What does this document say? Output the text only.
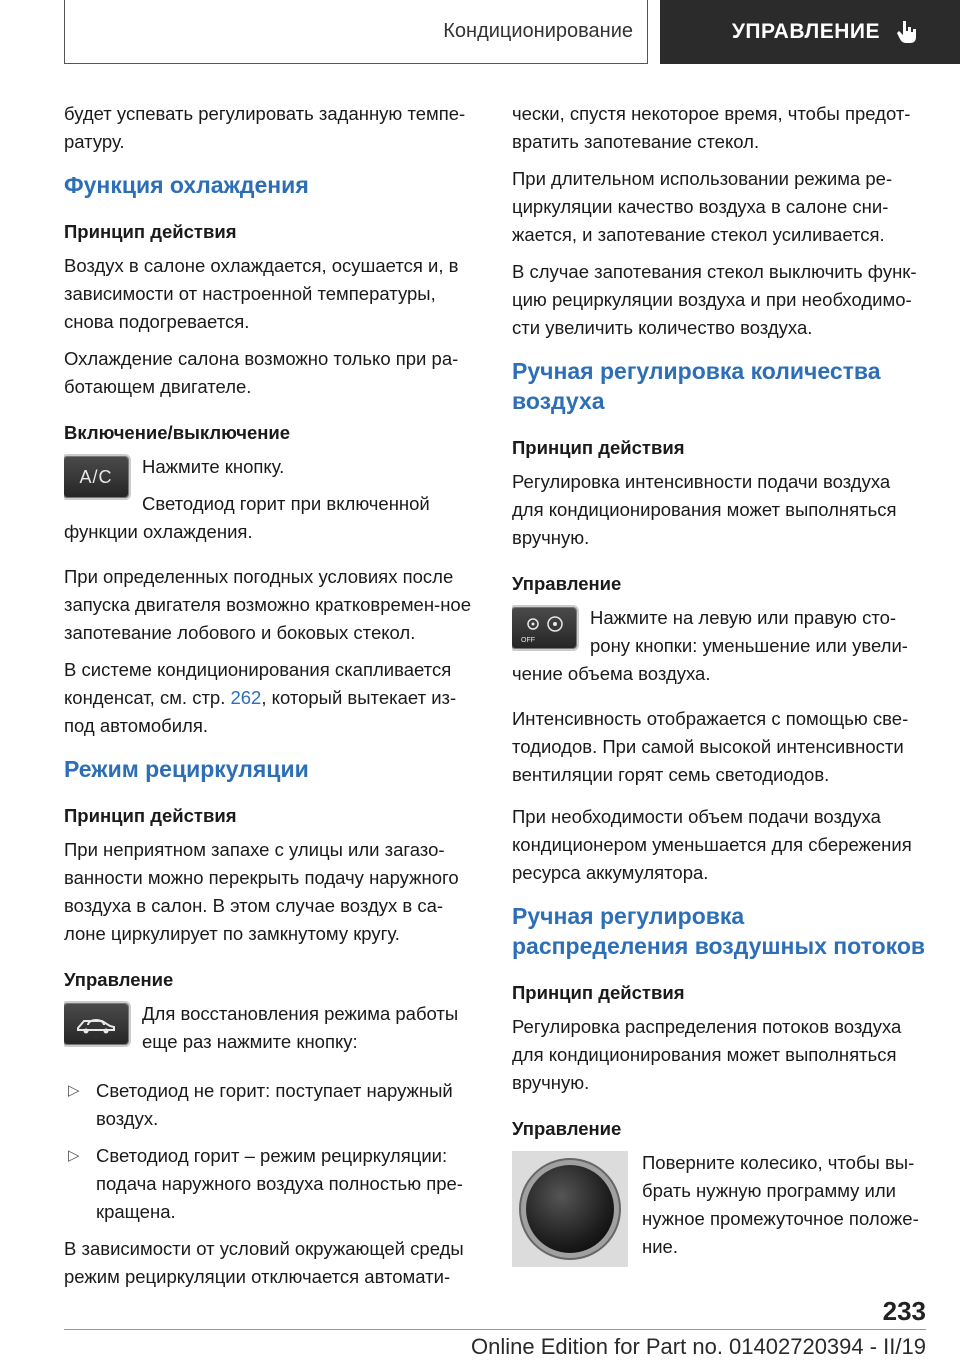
Кондиционирование	УПРАВЛЕНИЕ

будет успевать регулировать заданную темпе-ратуру.

Функция охлаждения
Принцип действия

Воздух в салоне охлаждается, осушается и, в зависимости от настроенной температуры, снова подогревается.

Охлаждение салона возможно только при ра-ботающем двигателе.

Включение/выключение
A/C	Нажмите кнопку.

Светодиод горит при включенной функции охлаждения.

При определенных погодных условиях после запуска двигателя возможно кратковремен-ное запотевание лобового и боковых стекол.

В системе кондиционирования скапливается конденсат, см. стр. 262, который вытекает из-под автомобиля.

Режим рециркуляции
Принцип действия

При неприятном запахе с улицы или загазо-ванности можно перекрыть подачу наружного воздуха в салон. В этом случае воздух в са-лоне циркулирует по замкнутому кругу.

Управление

Для восстановления режима работы еще раз нажмите кнопку:

▷ Светодиод не горит: поступает наружный воздух.
▷ Светодиод горит – режим рециркуляции: подача наружного воздуха полностью пре-кращена.

В зависимости от условий окружающей среды режим рециркуляции отключается автомати-

чески, спустя некоторое время, чтобы предот-вратить запотевание стекол.

При длительном использовании режима ре-циркуляции качество воздуха в салоне сни-жается, и запотевание стекол усиливается.

В случае запотевания стекол выключить функ-цию рециркуляции воздуха и при необходимо-сти увеличить количество воздуха.

Ручная регулировка количества воздуха
Принцип действия

Регулировка интенсивности подачи воздуха для кондиционирования может выполняться вручную.

Управление
OFF

Нажмите на левую или правую сто-рону кнопки: уменьшение или увели-чение объема воздуха.

Интенсивность отображается с помощью све-тодиодов. При самой высокой интенсивности вентиляции горят семь светодиодов.

При необходимости объем подачи воздуха кондиционером уменьшается для сбережения ресурса аккумулятора.

Ручная регулировка распределения воздушных потоков
Принцип действия

Регулировка распределения потоков воздуха для кондиционирования может выполняться вручную.

Управление

Поверните колесико, чтобы вы-брать нужную программу или нужное промежуточное положе-ние.

233
Online Edition for Part no. 01402720394 - II/19
